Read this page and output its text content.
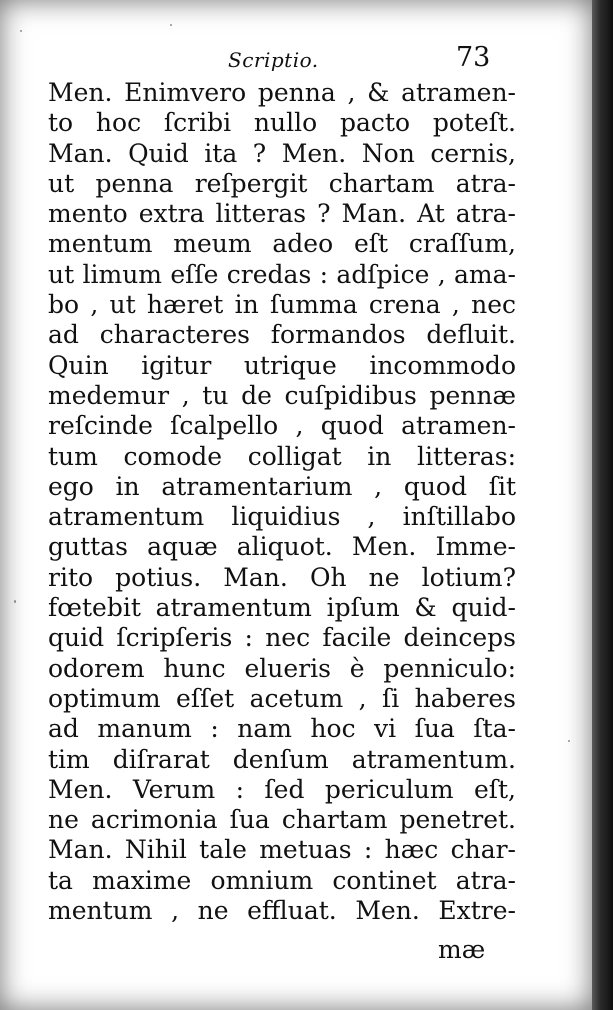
Scriptio.	73
Men. Enimvero penna , & atramen-
to hoc ſcribi nullo pacto poteſt.
Man. Quid ita ? Men. Non cernis,
ut penna reſpergit chartam atra-
mento extra litteras ? Man. At atra-
mentum meum adeo eſt craſſum,
ut limum eſſe credas : adſpice , ama-
bo , ut hæret in ſumma crena , nec
ad characteres formandos defluit.
Quin igitur utrique incommodo
medemur , tu de cuſpidibus pennæ
reſcinde ſcalpello , quod atramen-
tum comode colligat in litteras:
ego in atramentarium , quod ſit
atramentum liquidius , inſtillabo
guttas aquæ aliquot. Men. Imme-
rito potius. Man. Oh ne lotium?
fœtebit atramentum ipſum & quid-
quid ſcripſeris : nec facile deinceps
odorem hunc elueris è penniculo:
optimum eſſet acetum , ſi haberes
ad manum : nam hoc vi ſua ſta-
tim diſrarat denſum atramentum.
Men. Verum : ſed periculum eſt,
ne acrimonia ſua chartam penetret.
Man. Nihil tale metuas : hæc char-
ta maxime omnium continet atra-
mentum , ne effluat. Men. Extre-
mæ
